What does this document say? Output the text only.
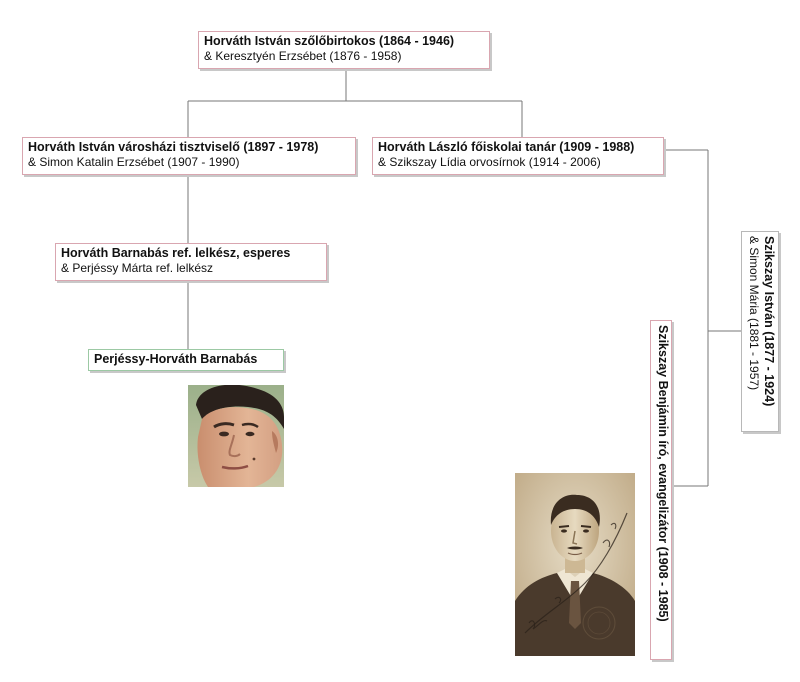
Horváth István szőlőbirtokos (1864 - 1946)
& Keresztyén Erzsébet (1876 - 1958)
Horváth István városházi tisztviselő (1897 - 1978)
& Simon Katalin Erzsébet (1907 - 1990)
Horváth László főiskolai tanár (1909 - 1988)
& Szikszay Lídia orvosírnok (1914 - 2006)
Horváth Barnabás ref. lelkész, esperes
& Perjéssy Márta ref. lelkész
Perjéssy-Horváth Barnabás	Szikszay István (1877 - 1924)
& Simon Mária (1881 - 1957)
Szikszay Benjámin író, evangelizátor (1908 - 1985)
